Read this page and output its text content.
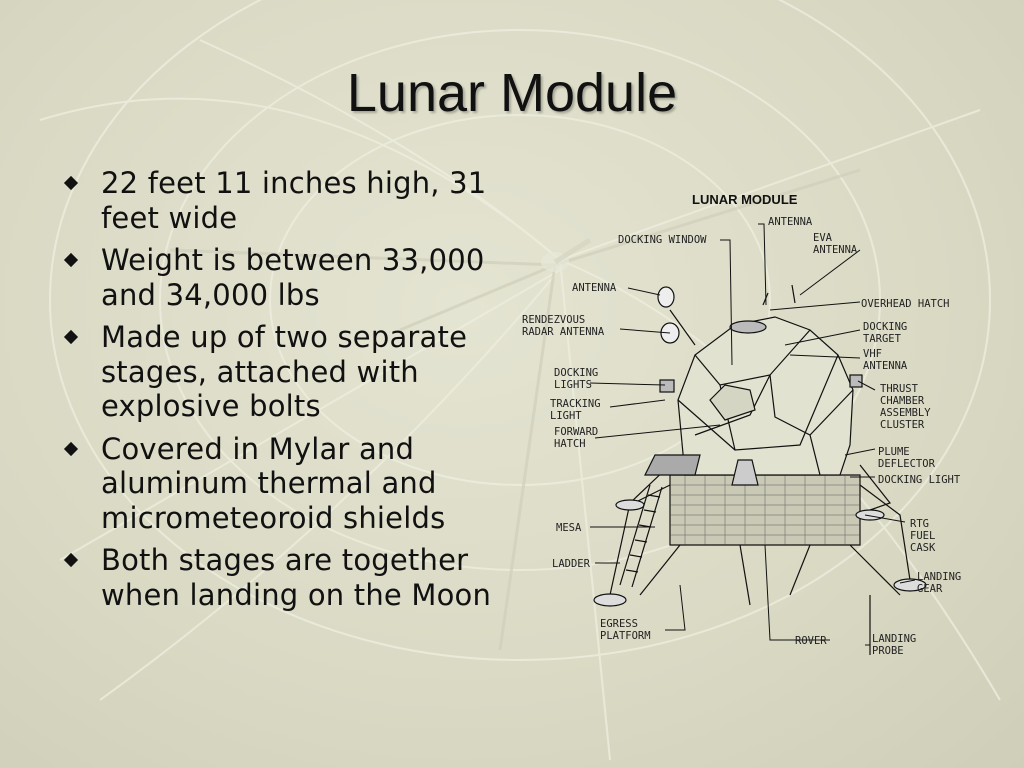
Lunar Module
22 feet 11 inches high, 31 feet wide
Weight is between 33,000 and 34,000 lbs
Made up of two separate stages, attached with explosive bolts
Covered in Mylar and aluminum thermal and micrometeoroid shields
Both stages are together when landing on the Moon
LUNAR MODULE
ANTENNA
DOCKING WINDOW	EVA
ANTENNA
ANTENNA
OVERHEAD HATCH
RENDEZVOUS
RADAR ANTENNA	DOCKING
TARGET
VHF
ANTENNA
DOCKING
LIGHTS	THRUST
CHAMBER
ASSEMBLY
CLUSTER
TRACKING
LIGHT
FORWARD
HATCH
PLUME
DEFLECTOR
DOCKING LIGHT
MESA	RTG
FUEL
CASK
LADDER
LANDING
GEAR
EGRESS
PLATFORM	ROVER	LANDING
PROBE
